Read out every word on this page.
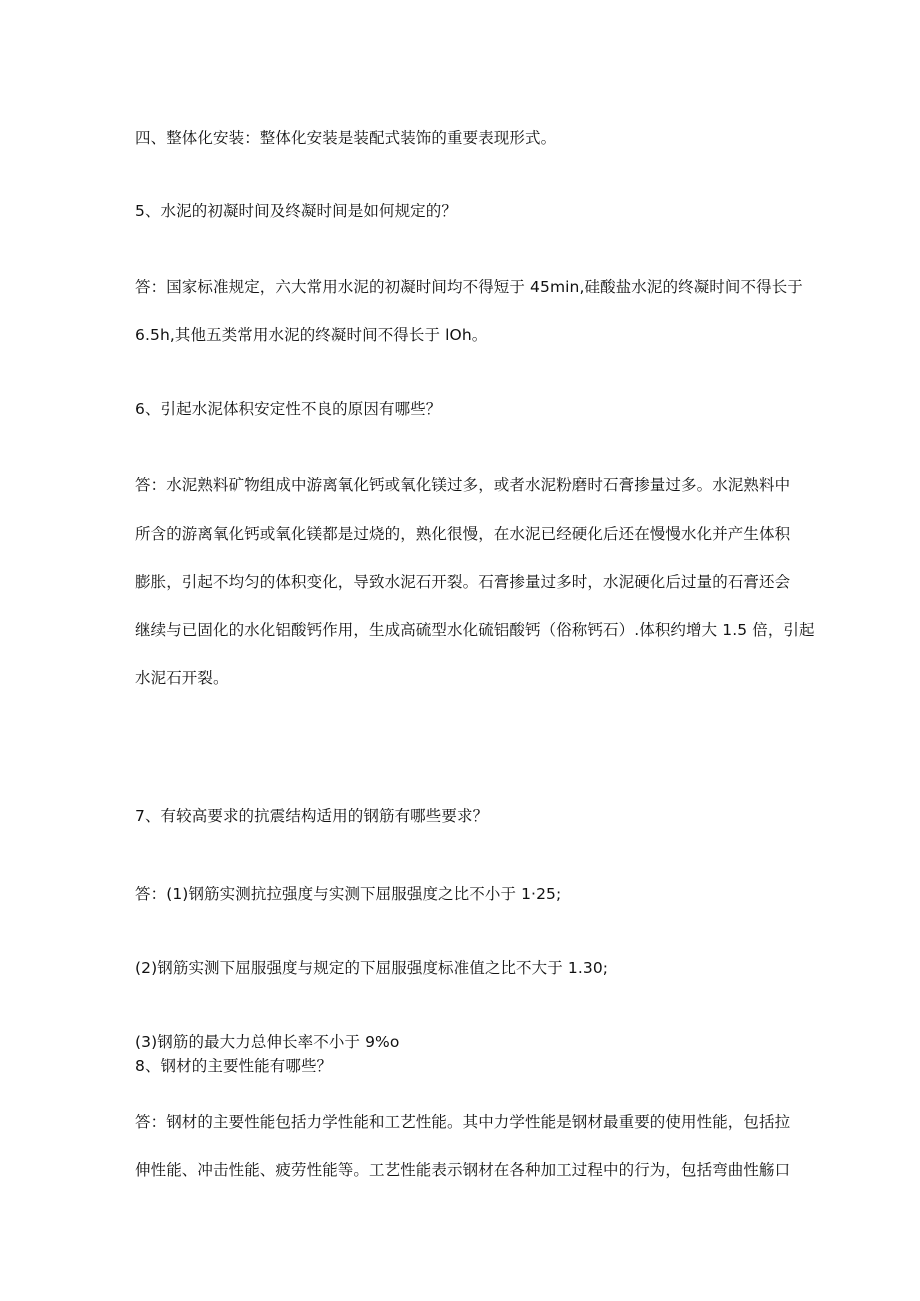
四、整体化安装：整体化安装是装配式装饰的重要表现形式。
5、水泥的初凝时间及终凝时间是如何规定的？
答：国家标准规定，六大常用水泥的初凝时间均不得短于 45min,硅酸盐水泥的终凝时间不得长于
6.5h,其他五类常用水泥的终凝时间不得长于 lOh。
6、引起水泥体积安定性不良的原因有哪些？
答：水泥熟料矿物组成中游离氧化钙或氧化镁过多，或者水泥粉磨时石膏掺量过多。水泥熟料中
所含的游离氧化钙或氧化镁都是过烧的，熟化很慢，在水泥已经硬化后还在慢慢水化并产生体积
膨胀，引起不均匀的体积变化，导致水泥石开裂。石膏掺量过多时，水泥硬化后过量的石膏还会
继续与已固化的水化铝酸钙作用，生成高硫型水化硫铝酸钙（俗称钙石）.体积约增大 1.5 倍，引起
水泥石开裂。
7、有较高要求的抗震结构适用的钢筋有哪些要求？
答：(1)钢筋实测抗拉强度与实测下屈服强度之比不小于 1·25;
(2)钢筋实测下屈服强度与规定的下屈服强度标准值之比不大于 1.30;
(3)钢筋的最大力总伸长率不小于 9%o
8、钢材的主要性能有哪些？
答：钢材的主要性能包括力学性能和工艺性能。其中力学性能是钢材最重要的使用性能，包括拉
伸性能、冲击性能、疲劳性能等。工艺性能表示钢材在各种加工过程中的行为，包括弯曲性觞口
